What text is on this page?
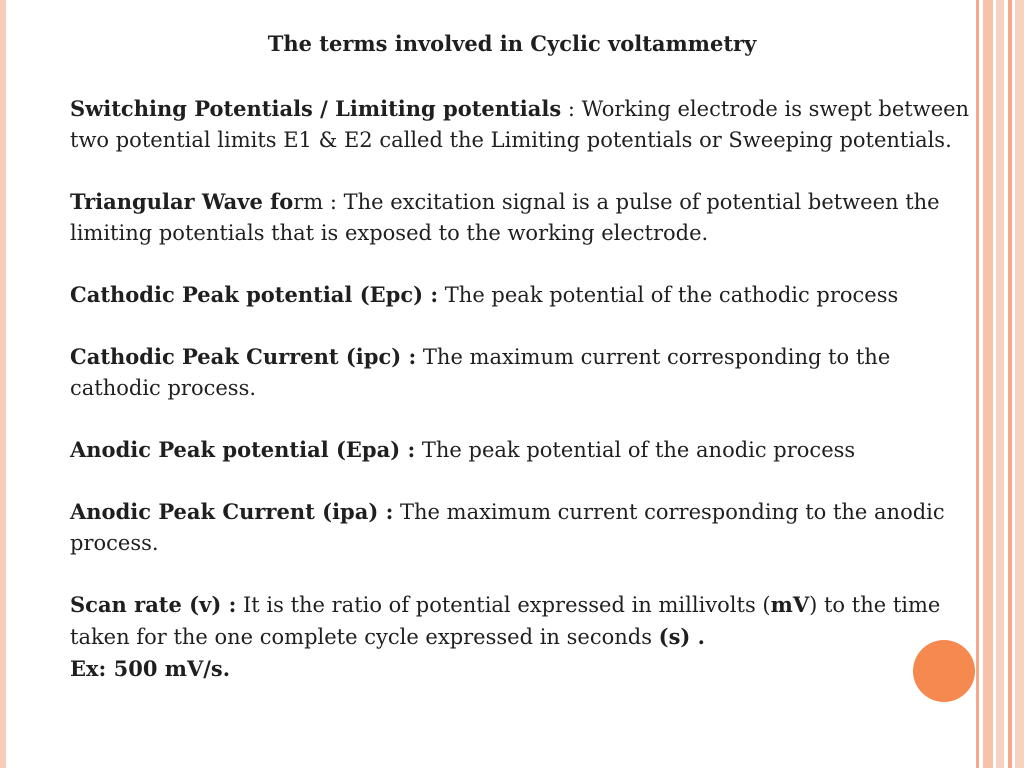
The terms involved in Cyclic voltammetry

Switching Potentials / Limiting potentials : Working electrode is swept between two potential limits E1 & E2 called the Limiting potentials or Sweeping potentials.

Triangular Wave form : The excitation signal is a pulse of potential between the limiting potentials that is exposed to the working electrode.

Cathodic Peak potential (Epc) : The peak potential of the cathodic process

Cathodic Peak Current (ipc) : The maximum current corresponding to the cathodic process.

Anodic Peak potential (Epa) : The peak potential of the anodic process

Anodic Peak Current (ipa) : The maximum current corresponding to the anodic process.

Scan rate (v) : It is the ratio of potential expressed in millivolts (mV) to the time taken for the one complete cycle expressed in seconds (s) .
Ex: 500 mV/s.
